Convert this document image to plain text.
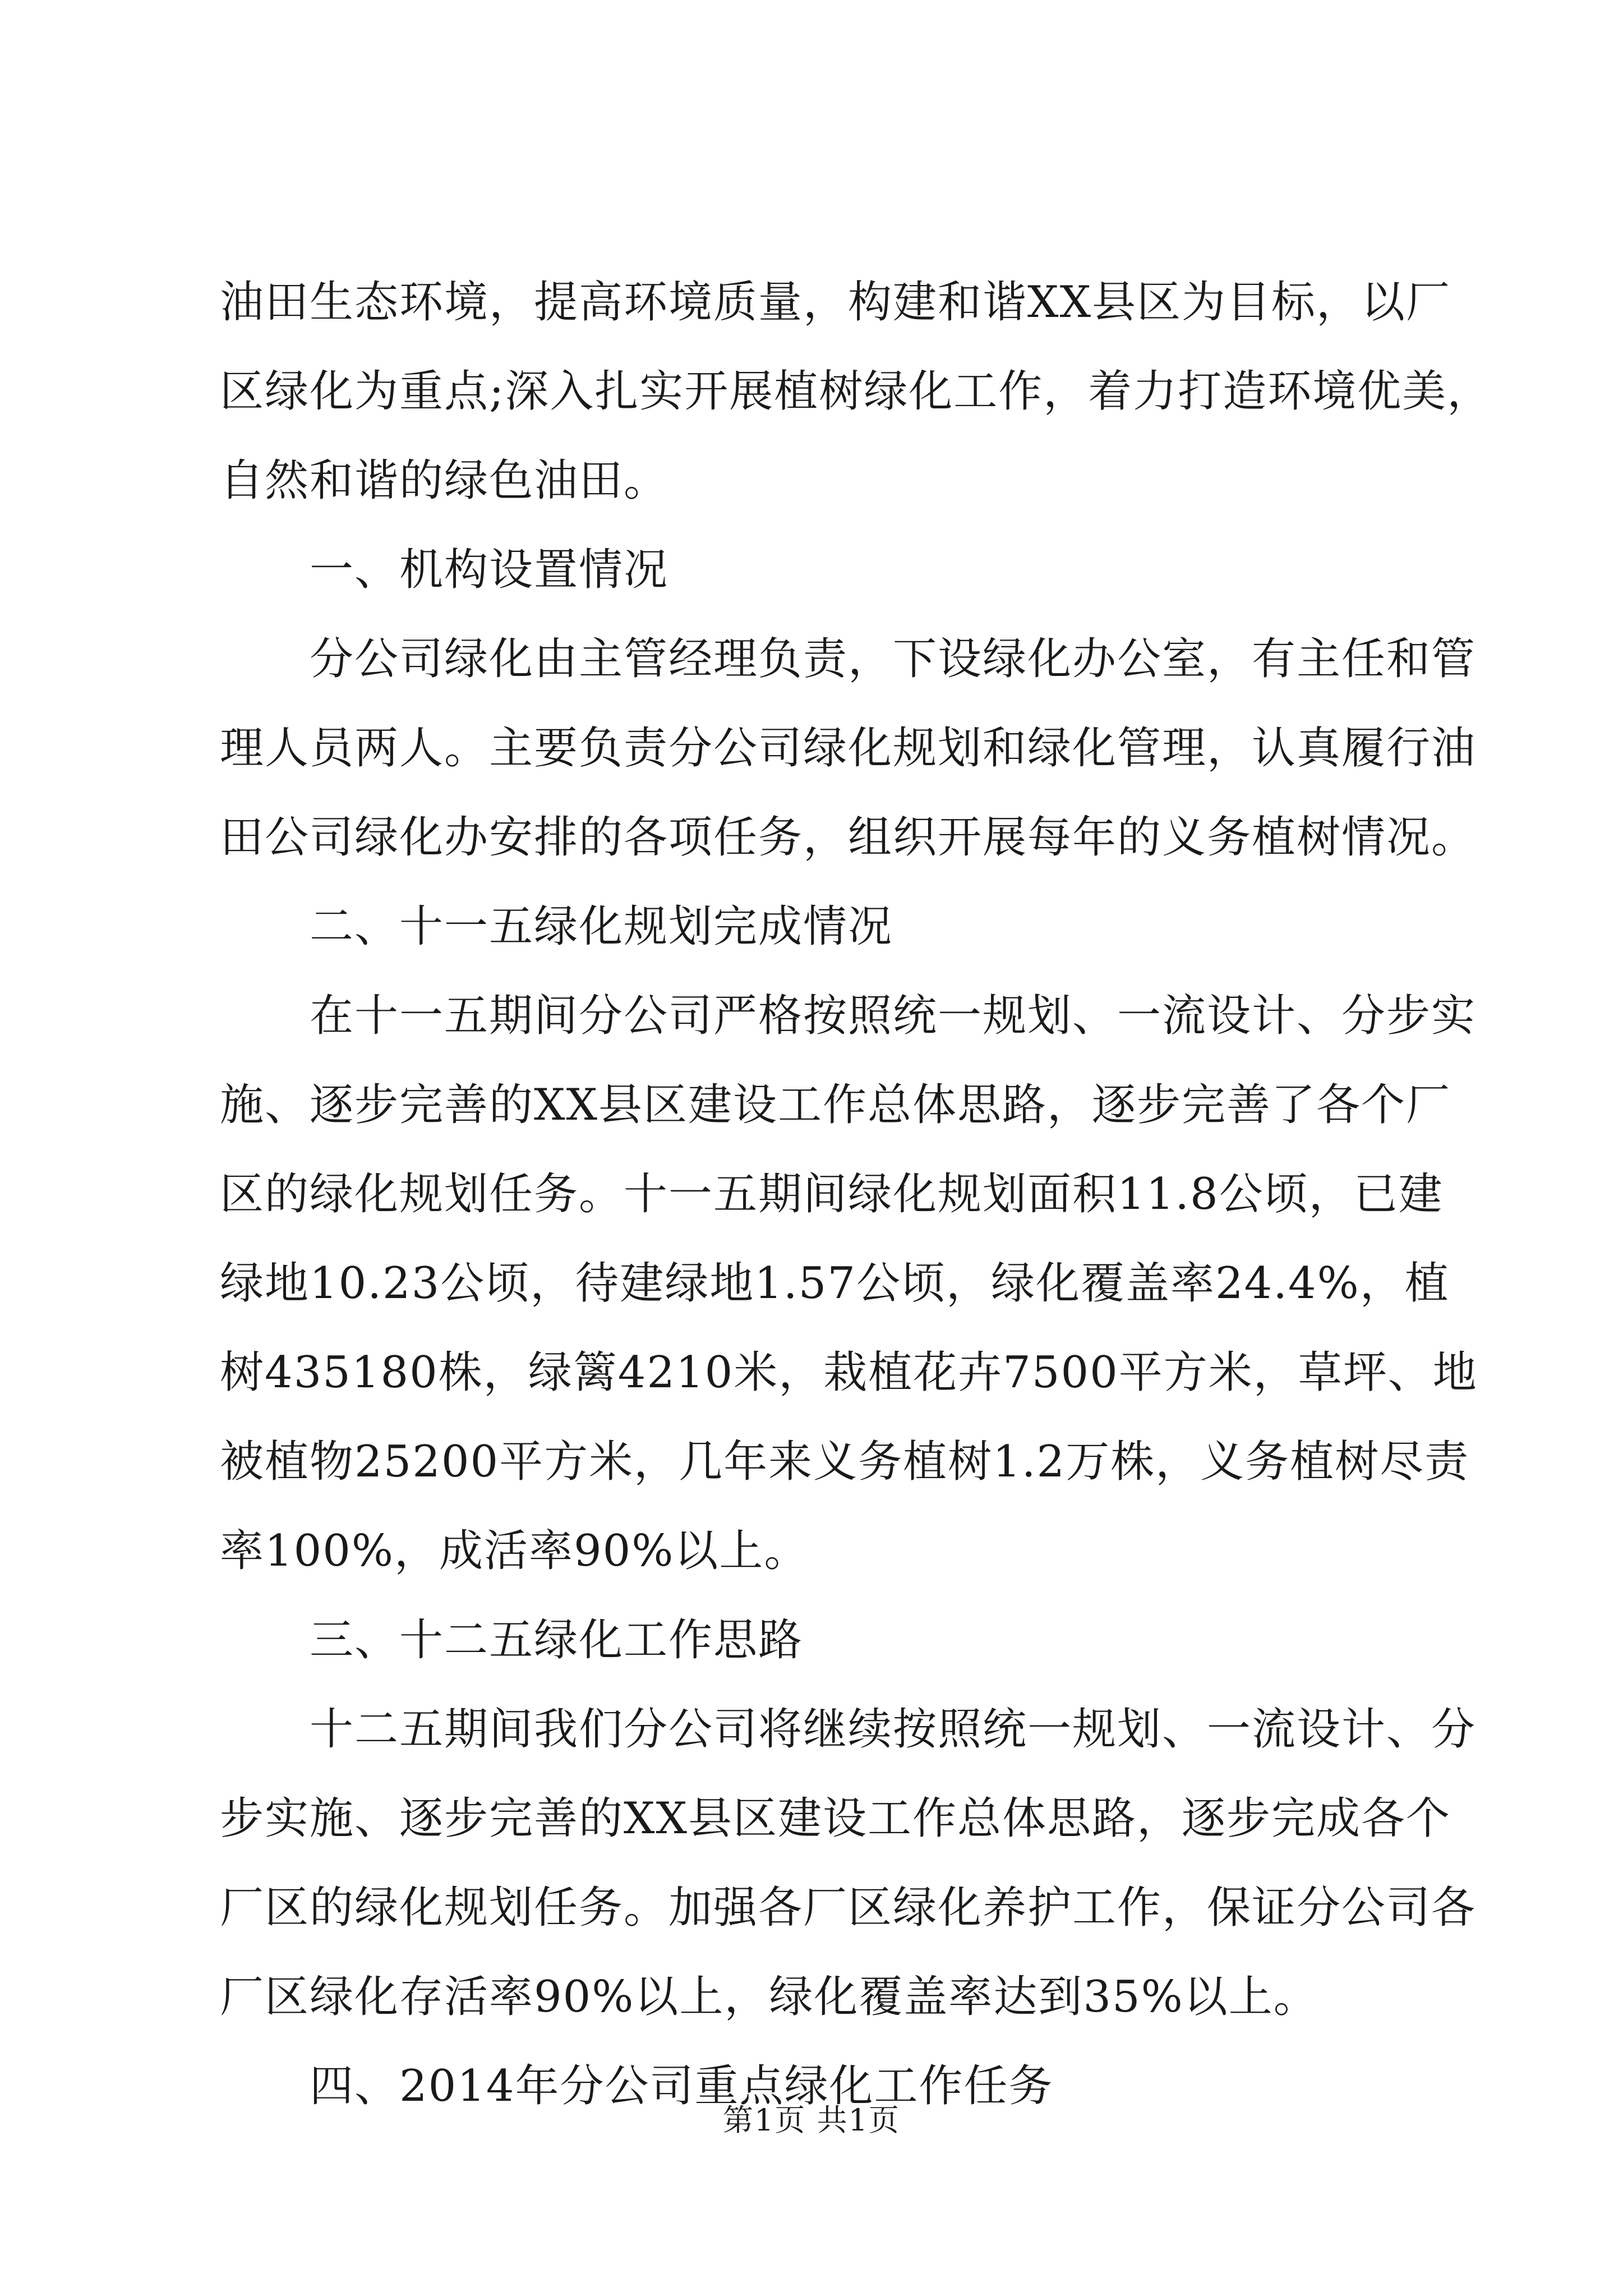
油田生态环境，提高环境质量，构建和谐XX县区为目标，以厂
区绿化为重点;深入扎实开展植树绿化工作，着力打造环境优美，
自然和谐的绿色油田。
一、机构设置情况
分公司绿化由主管经理负责，下设绿化办公室，有主任和管
理人员两人。主要负责分公司绿化规划和绿化管理，认真履行油
田公司绿化办安排的各项任务，组织开展每年的义务植树情况。
二、十一五绿化规划完成情况
在十一五期间分公司严格按照统一规划、一流设计、分步实
施、逐步完善的XX县区建设工作总体思路，逐步完善了各个厂
区的绿化规划任务。十一五期间绿化规划面积11.8公顷，已建
绿地10.23公顷，待建绿地1.57公顷，绿化覆盖率24.4%，植
树435180株，绿篱4210米，栽植花卉7500平方米，草坪、地
被植物25200平方米，几年来义务植树1.2万株，义务植树尽责
率100%，成活率90%以上。
三、十二五绿化工作思路
十二五期间我们分公司将继续按照统一规划、一流设计、分
步实施、逐步完善的XX县区建设工作总体思路，逐步完成各个
厂区的绿化规划任务。加强各厂区绿化养护工作，保证分公司各
厂区绿化存活率90%以上，绿化覆盖率达到35%以上。
四、2014年分公司重点绿化工作任务
第1页 共1页
